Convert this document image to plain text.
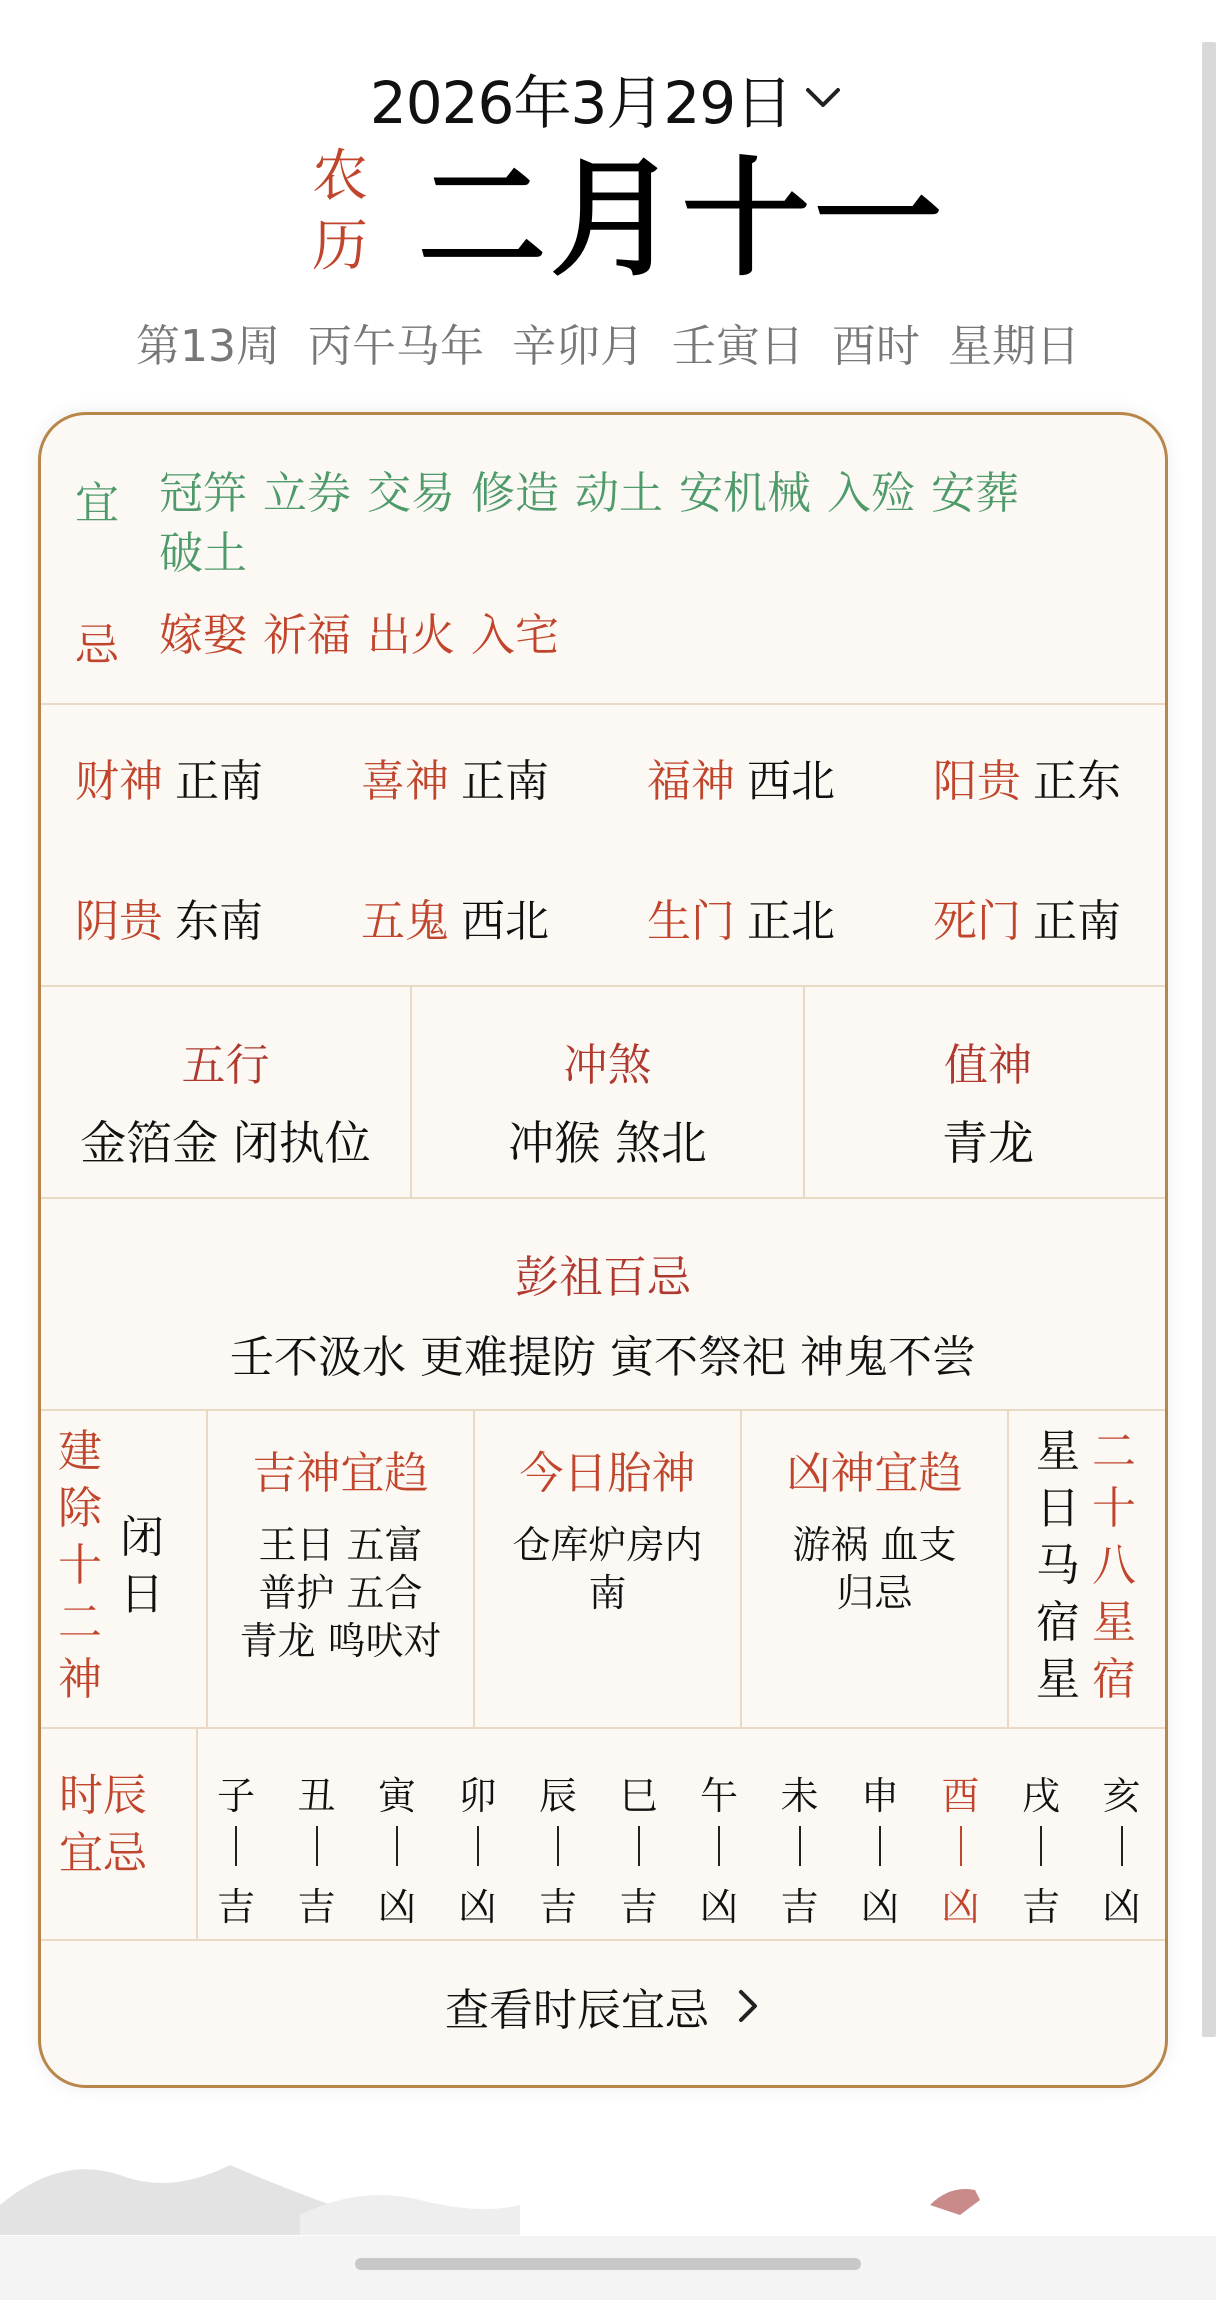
2026年3月29日
农
历 二月十一
第13周 丙午马年 辛卯月 壬寅日 酉时 星期日
宜 冠笄 立券 交易 修造 动土 安机械 入殓 安葬
破土
忌 嫁娶 祈福 出火 入宅
财神 正南 喜神 正南 福神 西北 阳贵 正东
阴贵 东南 五鬼 西北 生门 正北 死门 正南
五行
金箔金 闭执位
冲煞
冲猴 煞北
值神
青龙
彭祖百忌
壬不汲水 更难提防 寅不祭祀 神鬼不尝
建
除
十
二
神
闭
日
吉神宜趋
王日 五富
普护 五合
青龙 鸣吠对
今日胎神
仓库炉房内
南
凶神宜趋
游祸 血支
归忌
星
日
马
宿
星
二
十
八
星
宿
时辰
宜忌
子
吉
丑
吉
寅
凶
卯
凶
辰
吉
巳
吉
午
凶
未
吉
申
凶
酉
凶
戌
吉
亥
凶
查看时辰宜忌
